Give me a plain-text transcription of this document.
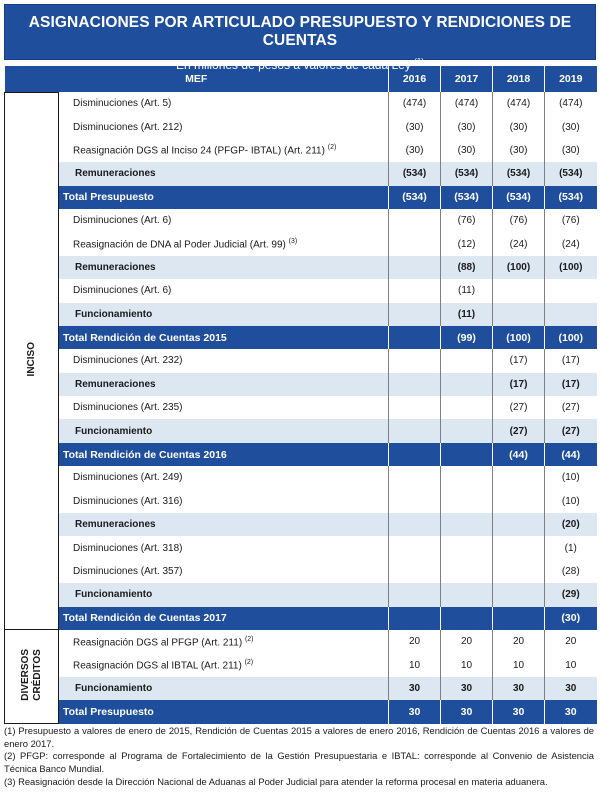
ASIGNACIONES POR ARTICULADO PRESUPUESTO Y RENDICIONES DE CUENTAS
En millones de pesos a valores de cada Ley $^{(1)}$
MEF		2016	2017	2018	2019
INCISO	Disminuciones (Art. 5)	(474)	(474)	(474)	(474)
	Disminuciones (Art. 212)	(30)	(30)	(30)	(30)
	Reasignación DGS al Inciso 24 (PFGP- IBTAL) (Art. 211) $^{(2)}$	(30)	(30)	(30)	(30)
	Remuneraciones	(534)	(534)	(534)	(534)
	Total Presupuesto	(534)	(534)	(534)	(534)
	Disminuciones (Art. 6)		(76)	(76)	(76)
	Reasignación de DNA al Poder Judicial (Art. 99) $^{(3)}$		(12)	(24)	(24)
	Remuneraciones		(88)	(100)	(100)
	Disminuciones (Art. 6)		(11)		
	Funcionamiento		(11)		
	Total Rendición de Cuentas 2015		(99)	(100)	(100)
	Disminuciones (Art. 232)			(17)	(17)
	Remuneraciones			(17)	(17)
	Disminuciones (Art. 235)			(27)	(27)
	Funcionamiento			(27)	(27)
	Total Rendición de Cuentas 2016			(44)	(44)
	Disminuciones (Art. 249)				(10)
	Disminuciones (Art. 316)				(10)
	Remuneraciones				(20)
	Disminuciones (Art. 318)				(1)
	Disminuciones (Art. 357)				(28)
	Funcionamiento				(29)
	Total Rendición de Cuentas 2017				(30)
DIVERSOS
CRÉDITOS	Reasignación DGS al PFGP (Art. 211) $^{(2)}$	20	20	20	20
	Reasignación DGS al IBTAL (Art. 211) $^{(2)}$	10	10	10	10
	Funcionamiento	30	30	30	30
	Total Presupuesto	30	30	30	30

(1) Presupuesto a valores de enero de 2015, Rendición de Cuentas 2015 a valores de enero 2016, Rendición de Cuentas 2016 a valores de enero 2017.

(2) PFGP: corresponde al Programa de Fortalecimiento de la Gestión Presupuestaria e IBTAL: corresponde al Convenio de Asistencia Técnica Banco Mundial.

(3) Reasignación desde la Dirección Nacional de Aduanas al Poder Judicial para atender la reforma procesal en materia aduanera.
